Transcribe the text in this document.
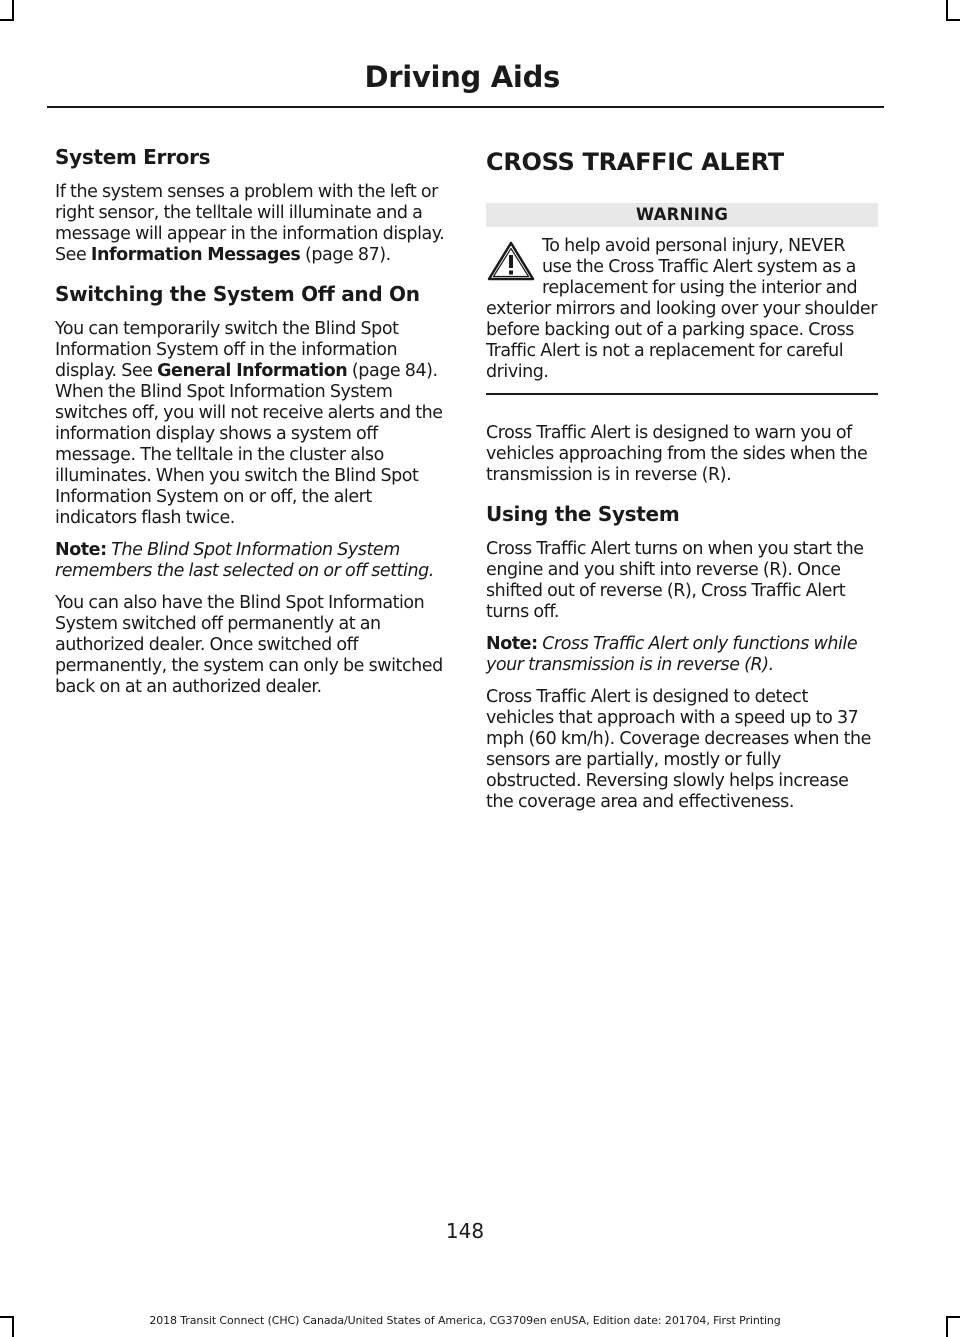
Driving Aids
System Errors

If the system senses a problem with the left or right sensor, the telltale will illuminate and a message will appear in the information display. See Information Messages (page 87).

Switching the System Off and On

You can temporarily switch the Blind Spot Information System off in the information display. See General Information (page 84). When the Blind Spot Information System switches off, you will not receive alerts and the information display shows a system off message. The telltale in the cluster also illuminates. When you switch the Blind Spot Information System on or off, the alert indicators flash twice.

Note: The Blind Spot Information System remembers the last selected on or off setting.

You can also have the Blind Spot Information System switched off permanently at an authorized dealer. Once switched off permanently, the system can only be switched back on at an authorized dealer.

CROSS TRAFFIC ALERT
WARNING

To help avoid personal injury, NEVER use the Cross Traffic Alert system as a replacement for using the interior and exterior mirrors and looking over your shoulder before backing out of a parking space. Cross Traffic Alert is not a replacement for careful driving.

Cross Traffic Alert is designed to warn you of vehicles approaching from the sides when the transmission is in reverse (R).

Using the System

Cross Traffic Alert turns on when you start the engine and you shift into reverse (R). Once shifted out of reverse (R), Cross Traffic Alert turns off.

Note: Cross Traffic Alert only functions while your transmission is in reverse (R).

Cross Traffic Alert is designed to detect vehicles that approach with a speed up to 37 mph (60 km/h). Coverage decreases when the sensors are partially, mostly or fully obstructed. Reversing slowly helps increase the coverage area and effectiveness.

148
2018 Transit Connect (CHC) Canada/United States of America, CG3709en enUSA, Edition date: 201704, First Printing
